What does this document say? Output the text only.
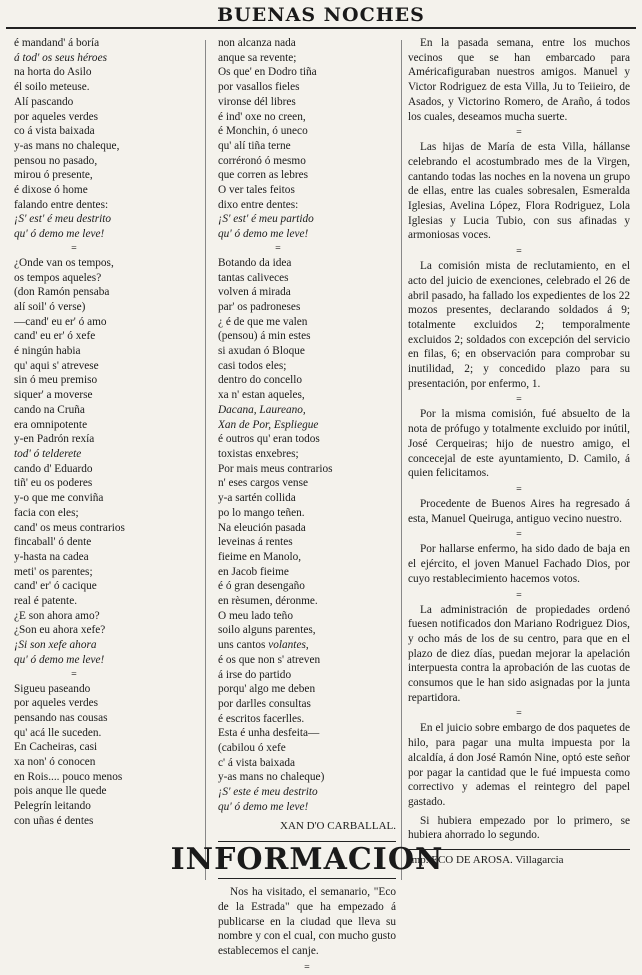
BUENAS NOCHES
é mandand' á boría
á tod' os seus héroes
na horta do Asilo
él soilo meteuse.
Alí pascando
por aqueles verdes
co á vista baixada
y-as mans no chaleque,
pensou no pasado,
mirou ó presente,
é dixose ó home
falando entre dentes:
¡S' est' é meu destrito
qu' ó demo me leve!
=
¿Onde van os tempos,
os tempos aqueles?
(don Ramón pensaba
alí soil' ó verse)
—cand' eu er' ó amo
cand' eu er' ó xefe
é ningún habia
qu' aqui s' atrevese
sin ó meu premiso
siquer' a moverse
cando na Cruña
era omnipotente
y-en Padrón rexía
tod' ó telderete
cando d' Eduardo
tiñ' eu os poderes
y-o que me conviña
facia con eles;
cand' os meus contrarios
fincaball' ó dente
y-hasta na cadea
meti' os parentes;
cand' er' ó cacique
real é patente.
¿E son ahora amo?
¿Son eu ahora xefe?
¡Si son xefe ahora
qu' ó demo me leve!
=
Sigueu paseando
por aqueles verdes
pensando nas cousas
qu' acá lle suceden.
En Cacheiras, casi
xa non' ó conocen
en Rois.... pouco menos
pois anque lle quede
Pelegrín leitando
con uñas é dentes
non alcanza nada
anque sa revente;
Os que' en Dodro tiña
por vasallos fieles
vironse dél libres
é ind' oxe no creen,
é Monchin, ó uneco
qu' alí tiña terne
corréronó ó mesmo
que corren as lebres
O ver tales feitos
dixo entre dentes:
¡S' est' é meu partido
qu' ó demo me leve!
=
Botando da idea
tantas caliveces
volven á mirada
par' os padroneses
¿ é de que me valen
(pensou) á min estes
si axudan ó Bloque
casi todos eles;
dentro do concello
xa n' estan aqueles,
Dacana, Laureano,
Xan de Por, Espliegue
é outros qu' eran todos
toxistas enxebres;
Por mais meus contrarios
n' eses cargos vense
y-a sartén collida
po lo mango teñen.
Na eleución pasada
leveinas á rentes
fieime en Manolo,
en Jacob fieime
é ó gran desengaño
en rèsumen, déronme.
O meu lado teño
soilo alguns parentes,
uns cantos volantes,
é os que non s' atreven
á irse do partido
porqu' algo me deben
por darlles consultas
é escritos facerlles.
Esta é unha desfeita—
(cabilou ó xefe
c' á vista baixada
y-as mans no chaleque)
¡S' este é meu destrito
qu' ó demo me leve!
XAN D'O CARBALLAL.
INFORMACION

Nos ha visitado, el semanario, "Eco de la Estrada" que ha empezado á publicarse en la ciudad que lleva su nombre y con el cual, con mucho gusto establecemos el canje.

=

En la pasada semana, entre los muchos vecinos que se han embarcado para Américafiguraban nuestros amigos. Manuel y Victor Rodriguez de esta Villa, Ju to Teiieiro, de Asados, y Victorino Romero, de Araño, á todos los cuales, deseamos mucha suerte.

=

Las hijas de María de esta Villa, hállanse celebrando el acostumbrado mes de la Virgen, cantando todas las noches en la novena un grupo de ellas, entre las cuales sobresalen, Esmeralda Iglesias, Avelina López, Flora Rodriguez, Lola Iglesias y Lucia Tubio, con sus afinadas y armoniosas voces.

=

La comisión mista de reclutamiento, en el acto del juicio de exenciones, celebrado el 26 de abril pasado, ha fallado los expedientes de los 22 mozos presentes, declarando soldados á 9; totalmente excluidos 2; temporalmente excluidos 2; soldados con excepción del servicio en filas, 6; en observación para comprobar su inutilidad, 2; y concedido plazo para su presentación, por enfermo, 1.

=

Por la misma comisión, fué absuelto de la nota de prófugo y totalmente excluido por inútil, José Cerqueiras; hijo de nuestro amigo, el concecejal de este ayuntamiento, D. Camilo, á quien felicitamos.

=

Procedente de Buenos Aires ha regresado á esta, Manuel Queiruga, antiguo vecino nuestro.

=

Por hallarse enfermo, ha sido dado de baja en el ejército, el joven Manuel Fachado Dios, por cuyo restablecimiento hacemos votos.

=

La administración de propiedades ordenó fuesen notificados don Mariano Rodriguez Dios, y ocho más de los de su centro, para que en el plazo de diez días, puedan mejorar la apelación interpuesta contra la aprobación de las cuotas de consumos que le han sido asignadas por la junta repartidora.

=

En el juicio sobre embargo de dos paquetes de hilo, para pagar una multa impuesta por la alcaldía, á don José Ramón Nine, optó este señor por pagar la cantidad que le fué impuesta como correctivo y ademas el reintegro del papel gastado.

Si hubiera empezado por lo primero, se hubiera ahorrado lo segundo.

Imp. ECO DE AROSA. Villagarcia
